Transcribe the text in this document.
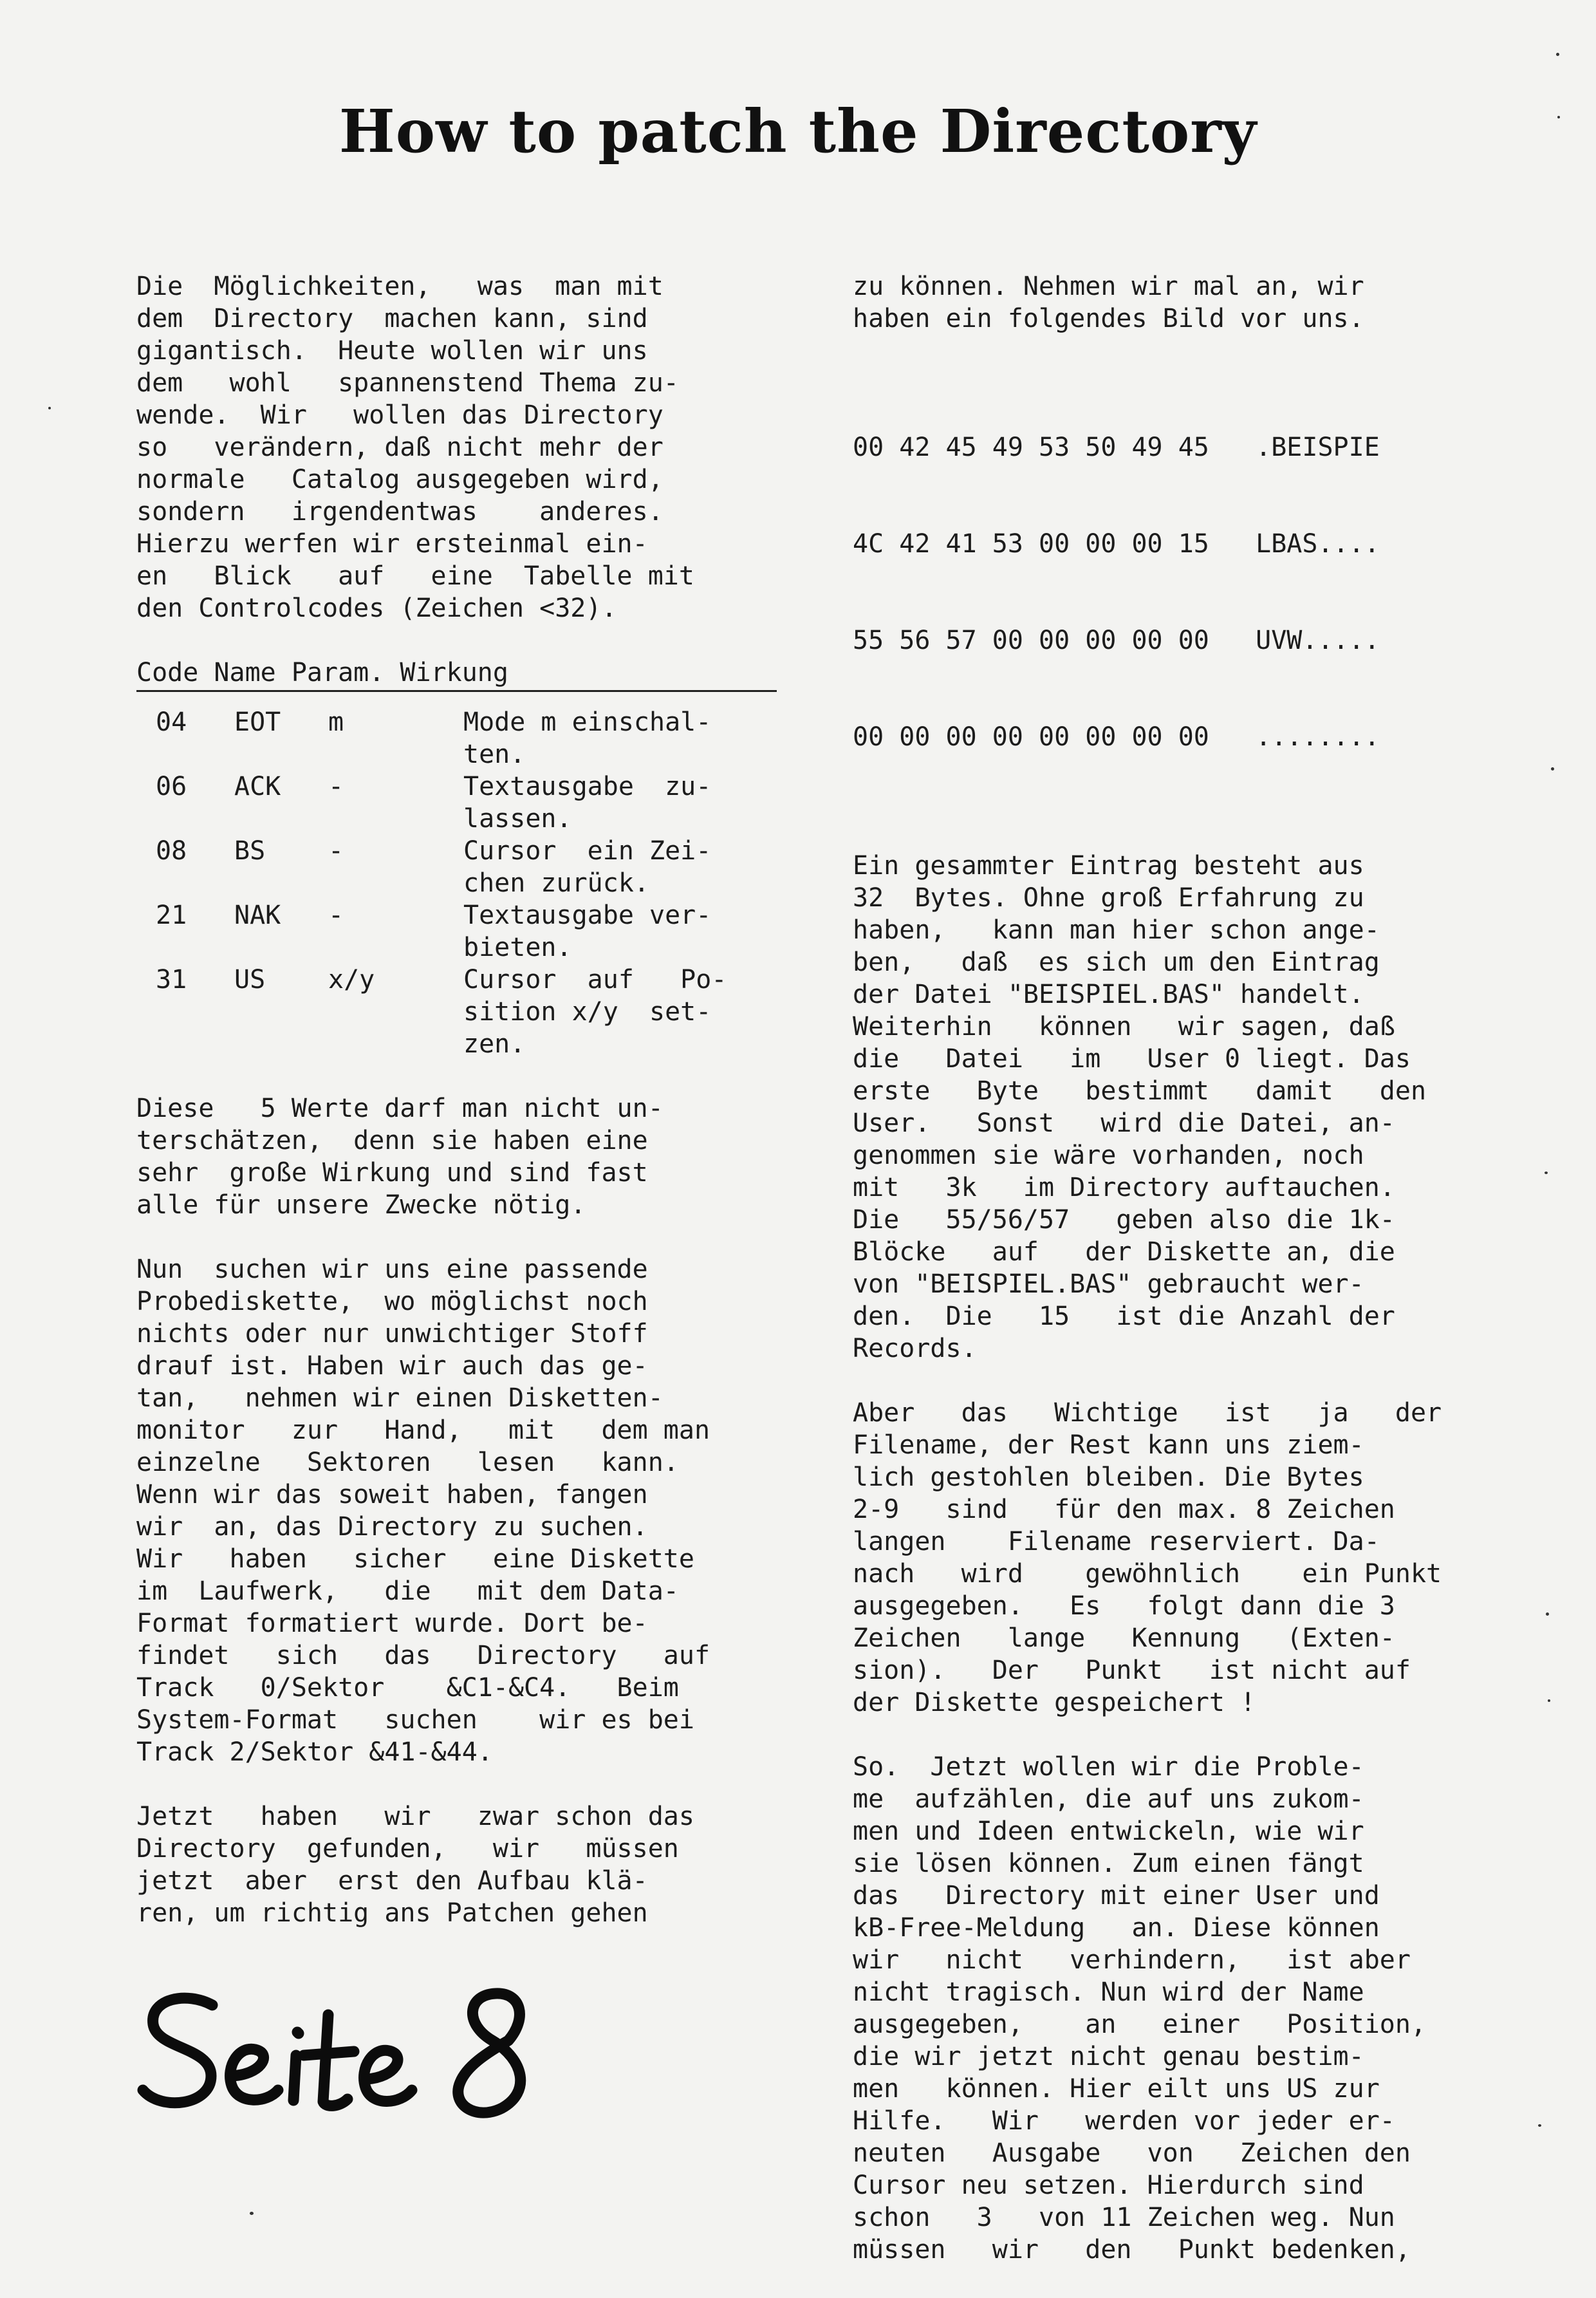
How to patch the Directory
Die  Möglichkeiten,   was  man mit
dem  Directory  machen kann, sind
gigantisch.  Heute wollen wir uns
dem   wohl   spannenstend Thema zu-
wende.  Wir   wollen das Directory
so   verändern, daß nicht mehr der
normale   Catalog ausgegeben wird,
sondern   irgendentwas    anderes.
Hierzu werfen wir ersteinmal ein-
en   Blick   auf   eine  Tabelle mit
den Controlcodes (Zeichen <32).
Code Name Param. Wirkung
04	EOT	m	Mode m einschal-
ten.
06	ACK	-	Textausgabe  zu-
lassen.
08	BS	-	Cursor  ein Zei-
chen zurück.
21	NAK	-	Textausgabe ver-
bieten.
31	US	x/y	Cursor  auf   Po-
sition x/y  set-
zen.
Diese   5 Werte darf man nicht un-
terschätzen,  denn sie haben eine
sehr  große Wirkung und sind fast
alle für unsere Zwecke nötig.
Nun  suchen wir uns eine passende
Probediskette,  wo möglichst noch
nichts oder nur unwichtiger Stoff
drauf ist. Haben wir auch das ge-
tan,   nehmen wir einen Disketten-
monitor   zur   Hand,   mit   dem man
einzelne   Sektoren   lesen   kann.
Wenn wir das soweit haben, fangen
wir  an, das Directory zu suchen.
Wir   haben   sicher   eine Diskette
im  Laufwerk,   die   mit dem Data-
Format formatiert wurde. Dort be-
findet   sich   das   Directory   auf
Track   0/Sektor    &C1-&C4.   Beim
System-Format   suchen    wir es bei
Track 2/Sektor &41-&44.
Jetzt   haben   wir   zwar schon das
Directory  gefunden,   wir   müssen
jetzt  aber  erst den Aufbau klä-
ren, um richtig ans Patchen gehen
zu können. Nehmen wir mal an, wir
haben ein folgendes Bild vor uns.

00 42 45 49 53 50 49 45   .BEISPIE

4C 42 41 53 00 00 00 15   LBAS....

55 56 57 00 00 00 00 00   UVW.....

00 00 00 00 00 00 00 00   ........

Ein gesammter Eintrag besteht aus
32  Bytes. Ohne groß Erfahrung zu
haben,   kann man hier schon ange-
ben,   daß  es sich um den Eintrag
der Datei "BEISPIEL.BAS" handelt.
Weiterhin   können   wir sagen, daß
die   Datei   im   User 0 liegt. Das
erste   Byte   bestimmt   damit   den
User.   Sonst   wird die Datei, an-
genommen sie wäre vorhanden, noch
mit   3k   im Directory auftauchen.
Die   55/56/57   geben also die 1k-
Blöcke   auf   der Diskette an, die
von "BEISPIEL.BAS" gebraucht wer-
den.  Die   15   ist die Anzahl der
Records.
Aber   das   Wichtige   ist   ja   der
Filename, der Rest kann uns ziem-
lich gestohlen bleiben. Die Bytes
2-9   sind   für den max. 8 Zeichen
langen    Filename reserviert. Da-
nach   wird    gewöhnlich    ein Punkt
ausgegeben.   Es   folgt dann die 3
Zeichen   lange   Kennung   (Exten-
sion).   Der   Punkt   ist nicht auf
der Diskette gespeichert !
So.  Jetzt wollen wir die Proble-
me  aufzählen, die auf uns zukom-
men und Ideen entwickeln, wie wir
sie lösen können. Zum einen fängt
das   Directory mit einer User und
kB-Free-Meldung   an. Diese können
wir   nicht   verhindern,   ist aber
nicht tragisch. Nun wird der Name
ausgegeben,    an   einer   Position,
die wir jetzt nicht genau bestim-
men   können. Hier eilt uns US zur
Hilfe.   Wir   werden vor jeder er-
neuten   Ausgabe   von   Zeichen den
Cursor neu setzen. Hierdurch sind
schon   3   von 11 Zeichen weg. Nun
müssen   wir   den   Punkt bedenken,
